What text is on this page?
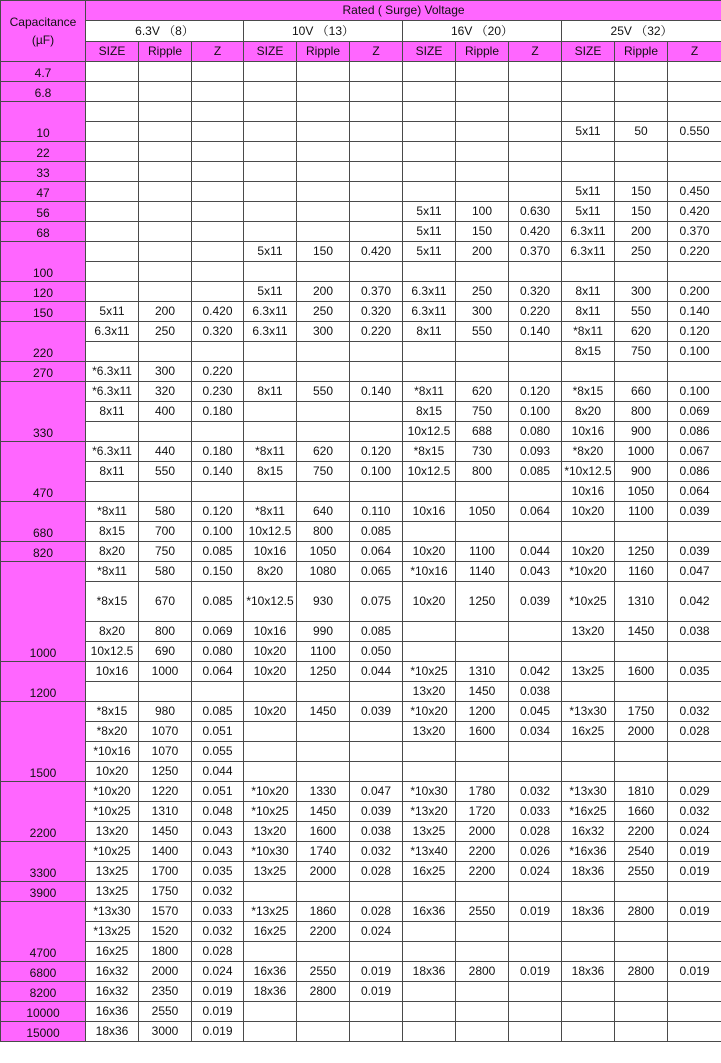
Capacitance
(µF)	Rated ( Surge) Voltage											
	6.3V （8）			10V （13）			16V （20）			25V （32）		
	SIZE	Ripple	Z	SIZE	Ripple	Z	SIZE	Ripple	Z	SIZE	Ripple	Z
4.7												
6.8												
10												
										5x11	50	0.550
22												
33												
47										5x11	150	0.450
56							5x11	100	0.630	5x11	150	0.420
68							5x11	150	0.420	6.3x11	200	0.370
100				5x11	150	0.420	5x11	200	0.370	6.3x11	250	0.220

120				5x11	200	0.370	6.3x11	250	0.320	8x11	300	0.200
150	5x11	200	0.420	6.3x11	250	0.320	6.3x11	300	0.220	8x11	550	0.140
220	6.3x11	250	0.320	6.3x11	300	0.220	8x11	550	0.140	*8x11	620	0.120
										8x15	750	0.100
270	*6.3x11	300	0.220									
330	*6.3x11	320	0.230	8x11	550	0.140	*8x11	620	0.120	*8x15	660	0.100
	8x11	400	0.180				8x15	750	0.100	8x20	800	0.069
							10x12.5	688	0.080	10x16	900	0.086
470	*6.3x11	440	0.180	*8x11	620	0.120	*8x15	730	0.093	*8x20	1000	0.067
	8x11	550	0.140	8x15	750	0.100	10x12.5	800	0.085	*10x12.5	900	0.086
										10x16	1050	0.064
680	*8x11	580	0.120	*8x11	640	0.110	10x16	1050	0.064	10x20	1100	0.039
	8x15	700	0.100	10x12.5	800	0.085						
820	8x20	750	0.085	10x16	1050	0.064	10x20	1100	0.044	10x20	1250	0.039
1000	*8x11	580	0.150	8x20	1080	0.065	*10x16	1140	0.043	*10x20	1160	0.047
	*8x15	670	0.085	*10x12.5	930	0.075	10x20	1250	0.039	*10x25	1310	0.042

	8x20	800	0.069	10x16	990	0.085				13x20	1450	0.038
	10x12.5	690	0.080	10x20	1100	0.050						
1200	10x16	1000	0.064	10x20	1250	0.044	*10x25	1310	0.042	13x25	1600	0.035
							13x20	1450	0.038			
1500	*8x15	980	0.085	10x20	1450	0.039	*10x20	1200	0.045	*13x30	1750	0.032
	*8x20	1070	0.051				13x20	1600	0.034	16x25	2000	0.028
	*10x16	1070	0.055									
	10x20	1250	0.044									
2200	*10x20	1220	0.051	*10x20	1330	0.047	*10x30	1780	0.032	*13x30	1810	0.029
	*10x25	1310	0.048	*10x25	1450	0.039	*13x20	1720	0.033	*16x25	1660	0.032
	13x20	1450	0.043	13x20	1600	0.038	13x25	2000	0.028	16x32	2200	0.024
3300	*10x25	1400	0.043	*10x30	1740	0.032	*13x40	2200	0.026	*16x36	2540	0.019
	13x25	1700	0.035	13x25	2000	0.028	16x25	2200	0.024	18x36	2550	0.019
3900	13x25	1750	0.032									
4700	*13x30	1570	0.033	*13x25	1860	0.028	16x36	2550	0.019	18x36	2800	0.019
	*13x25	1520	0.032	16x25	2200	0.024						
	16x25	1800	0.028									
6800	16x32	2000	0.024	16x36	2550	0.019	18x36	2800	0.019	18x36	2800	0.019
8200	16x32	2350	0.019	18x36	2800	0.019						
10000	16x36	2550	0.019									
15000	18x36	3000	0.019									
